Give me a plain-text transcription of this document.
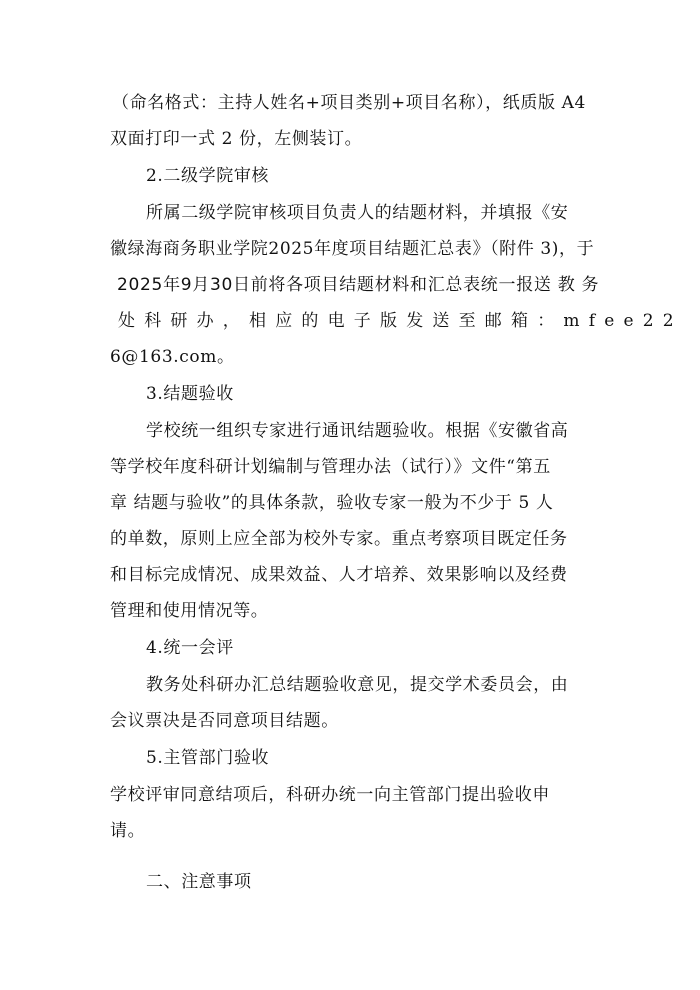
（命名格式：主持人姓名+项目类别+项目名称），纸质版 A4
双面打印一式 2 份，左侧装订。
2.二级学院审核
所属二级学院审核项目负责人的结题材料，并填报《安
徽绿海商务职业学院2025年度项目结题汇总表》（附件 3)，于
2025年9月30日前将各项目结题材料和汇总表统一报送 教 务
处科研办，相应的电子版发送至邮箱：mfee22
6@163.com。
3.结题验收
学校统一组织专家进行通讯结题验收。根据《安徽省高
等学校年度科研计划编制与管理办法（试行）》文件“第五
章 结题与验收”的具体条款，验收专家一般为不少于 5 人
的单数，原则上应全部为校外专家。重点考察项目既定任务
和目标完成情况、成果效益、人才培养、效果影响以及经费
管理和使用情况等。
4.统一会评
教务处科研办汇总结题验收意见，提交学术委员会，由
会议票决是否同意项目结题。
5.主管部门验收
学校评审同意结项后，科研办统一向主管部门提出验收申
请。
二、注意事项
